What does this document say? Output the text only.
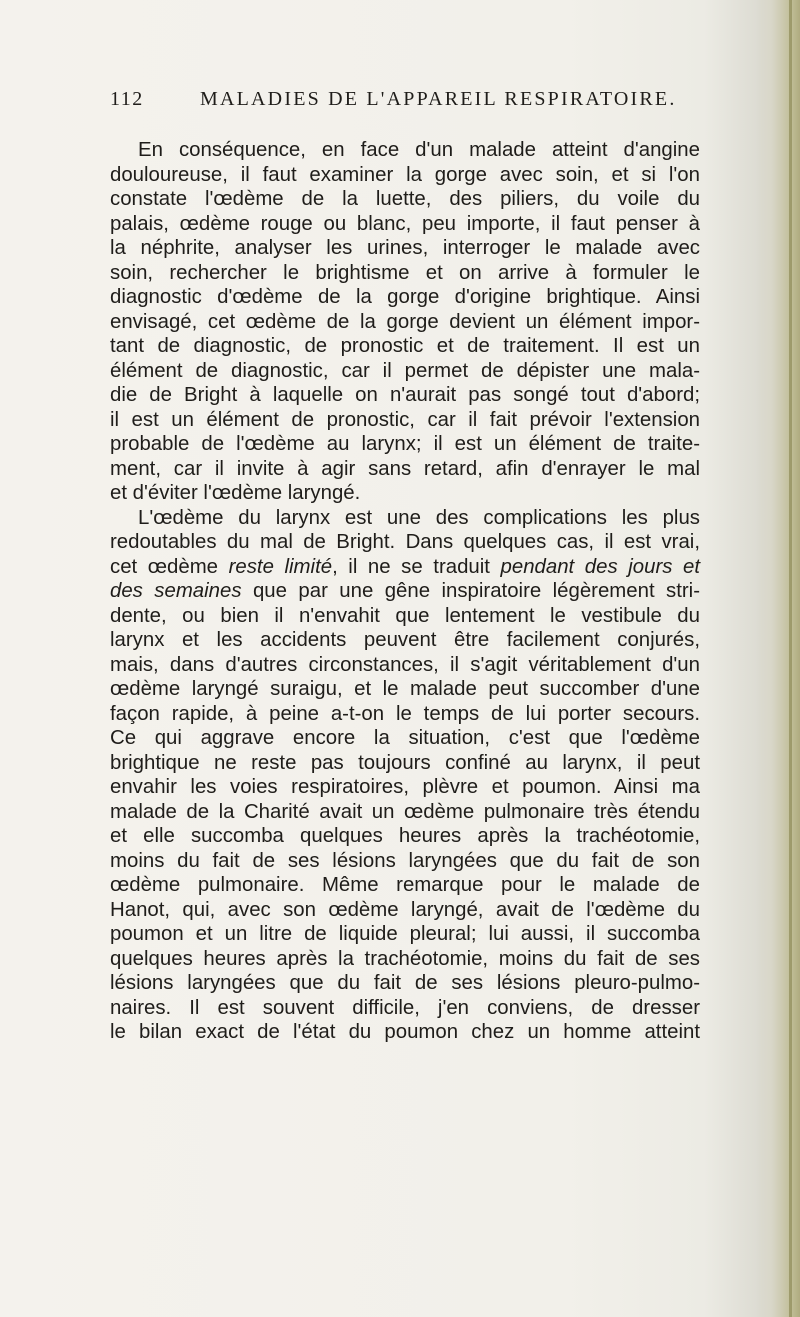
112	MALADIES DE L'APPAREIL RESPIRATOIRE.
En conséquence, en face d'un malade atteint d'angine
douloureuse, il faut examiner la gorge avec soin, et si l'on
constate l'œdème de la luette, des piliers, du voile du
palais, œdème rouge ou blanc, peu importe, il faut penser à
la néphrite, analyser les urines, interroger le malade avec
soin, rechercher le brightisme et on arrive à formuler le
diagnostic d'œdème de la gorge d'origine brightique. Ainsi
envisagé, cet œdème de la gorge devient un élément impor-
tant de diagnostic, de pronostic et de traitement. Il est un
élément de diagnostic, car il permet de dépister une mala-
die de Bright à laquelle on n'aurait pas songé tout d'abord;
il est un élément de pronostic, car il fait prévoir l'extension
probable de l'œdème au larynx; il est un élément de traite-
ment, car il invite à agir sans retard, afin d'enrayer le mal
et d'éviter l'œdème laryngé.
L'œdème du larynx est une des complications les plus
redoutables du mal de Bright. Dans quelques cas, il est vrai,
cet œdème reste limité, il ne se traduit pendant des jours et
des semaines que par une gêne inspiratoire légèrement stri-
dente, ou bien il n'envahit que lentement le vestibule du
larynx et les accidents peuvent être facilement conjurés,
mais, dans d'autres circonstances, il s'agit véritablement d'un
œdème laryngé suraigu, et le malade peut succomber d'une
façon rapide, à peine a-t-on le temps de lui porter secours.
Ce qui aggrave encore la situation, c'est que l'œdème
brightique ne reste pas toujours confiné au larynx, il peut
envahir les voies respiratoires, plèvre et poumon. Ainsi ma
malade de la Charité avait un œdème pulmonaire très étendu
et elle succomba quelques heures après la trachéotomie,
moins du fait de ses lésions laryngées que du fait de son
œdème pulmonaire. Même remarque pour le malade de
Hanot, qui, avec son œdème laryngé, avait de l'œdème du
poumon et un litre de liquide pleural; lui aussi, il succomba
quelques heures après la trachéotomie, moins du fait de ses
lésions laryngées que du fait de ses lésions pleuro-pulmo-
naires. Il est souvent difficile, j'en conviens, de dresser
le bilan exact de l'état du poumon chez un homme atteint
